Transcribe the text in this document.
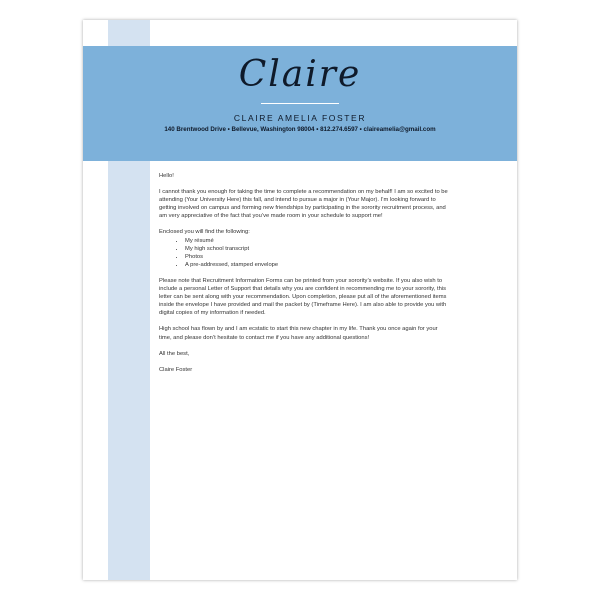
Claire
CLAIRE AMELIA FOSTER
140 Brentwood Drive • Bellevue, Washington 98004 • 812.274.6597 • claireamelia@gmail.com

Hello!

I cannot thank you enough for taking the time to complete a recommendation on my behalf! I am so excited to be attending (Your University Here) this fall, and intend to pursue a major in (Your Major). I’m looking forward to getting involved on campus and forming new friendships by participating in the sorority recruitment process, and am very appreciative of the fact that you’ve made room in your schedule to support me!

Enclosed you will find the following:

• My résumé
• My high school transcript
• Photos
• A pre-addressed, stamped envelope

Please note that Recruitment Information Forms can be printed from your sorority’s website. If you also wish to include a personal Letter of Support that details why you are confident in recommending me to your sorority, this letter can be sent along with your recommendation. Upon completion, please put all of the aforementioned items inside the envelope I have provided and mail the packet by (Timeframe Here). I am also able to provide you with digital copies of my information if needed.

High school has flown by and I am ecstatic to start this new chapter in my life. Thank you once again for your time, and please don’t hesitate to contact me if you have any additional questions!

All the best,

Claire Foster
